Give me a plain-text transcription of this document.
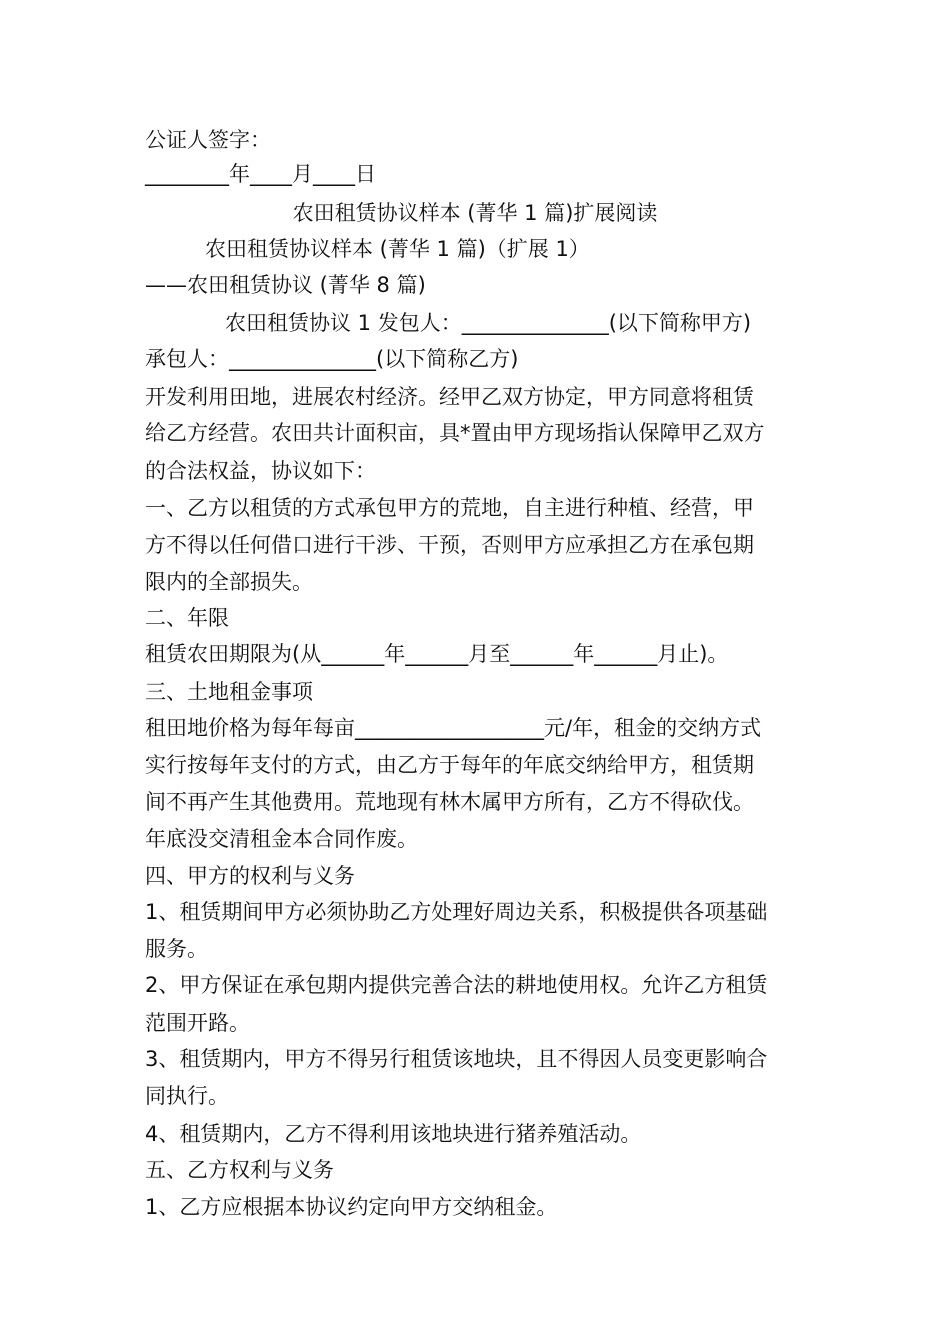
公证人签字：
________年____月____日
农田租赁协议样本 (菁华 1 篇)扩展阅读
农田租赁协议样本 (菁华 1 篇)（扩展 1）
——农田租赁协议 (菁华 8 篇)
农田租赁协议 1 发包人：______________(以下简称甲方)
承包人：______________(以下简称乙方)
开发利用田地，进展农村经济。经甲乙双方协定，甲方同意将租赁
给乙方经营。农田共计面积亩，具*置由甲方现场指认保障甲乙双方
的合法权益，协议如下：
一、乙方以租赁的方式承包甲方的荒地，自主进行种植、经营，甲
方不得以任何借口进行干涉、干预，否则甲方应承担乙方在承包期
限内的全部损失。
二、年限
租赁农田期限为(从______年______月至______年______月止)。
三、土地租金事项
租田地价格为每年每亩__________________元/年，租金的交纳方式
实行按每年支付的方式，由乙方于每年的年底交纳给甲方，租赁期
间不再产生其他费用。荒地现有林木属甲方所有，乙方不得砍伐。
年底没交清租金本合同作废。
四、甲方的权利与义务
1、租赁期间甲方必须协助乙方处理好周边关系，积极提供各项基础
服务。
2、甲方保证在承包期内提供完善合法的耕地使用权。允许乙方租赁
范围开路。
3、租赁期内，甲方不得另行租赁该地块，且不得因人员变更影响合
同执行。
4、租赁期内，乙方不得利用该地块进行猪养殖活动。
五、乙方权利与义务
1、乙方应根据本协议约定向甲方交纳租金。
